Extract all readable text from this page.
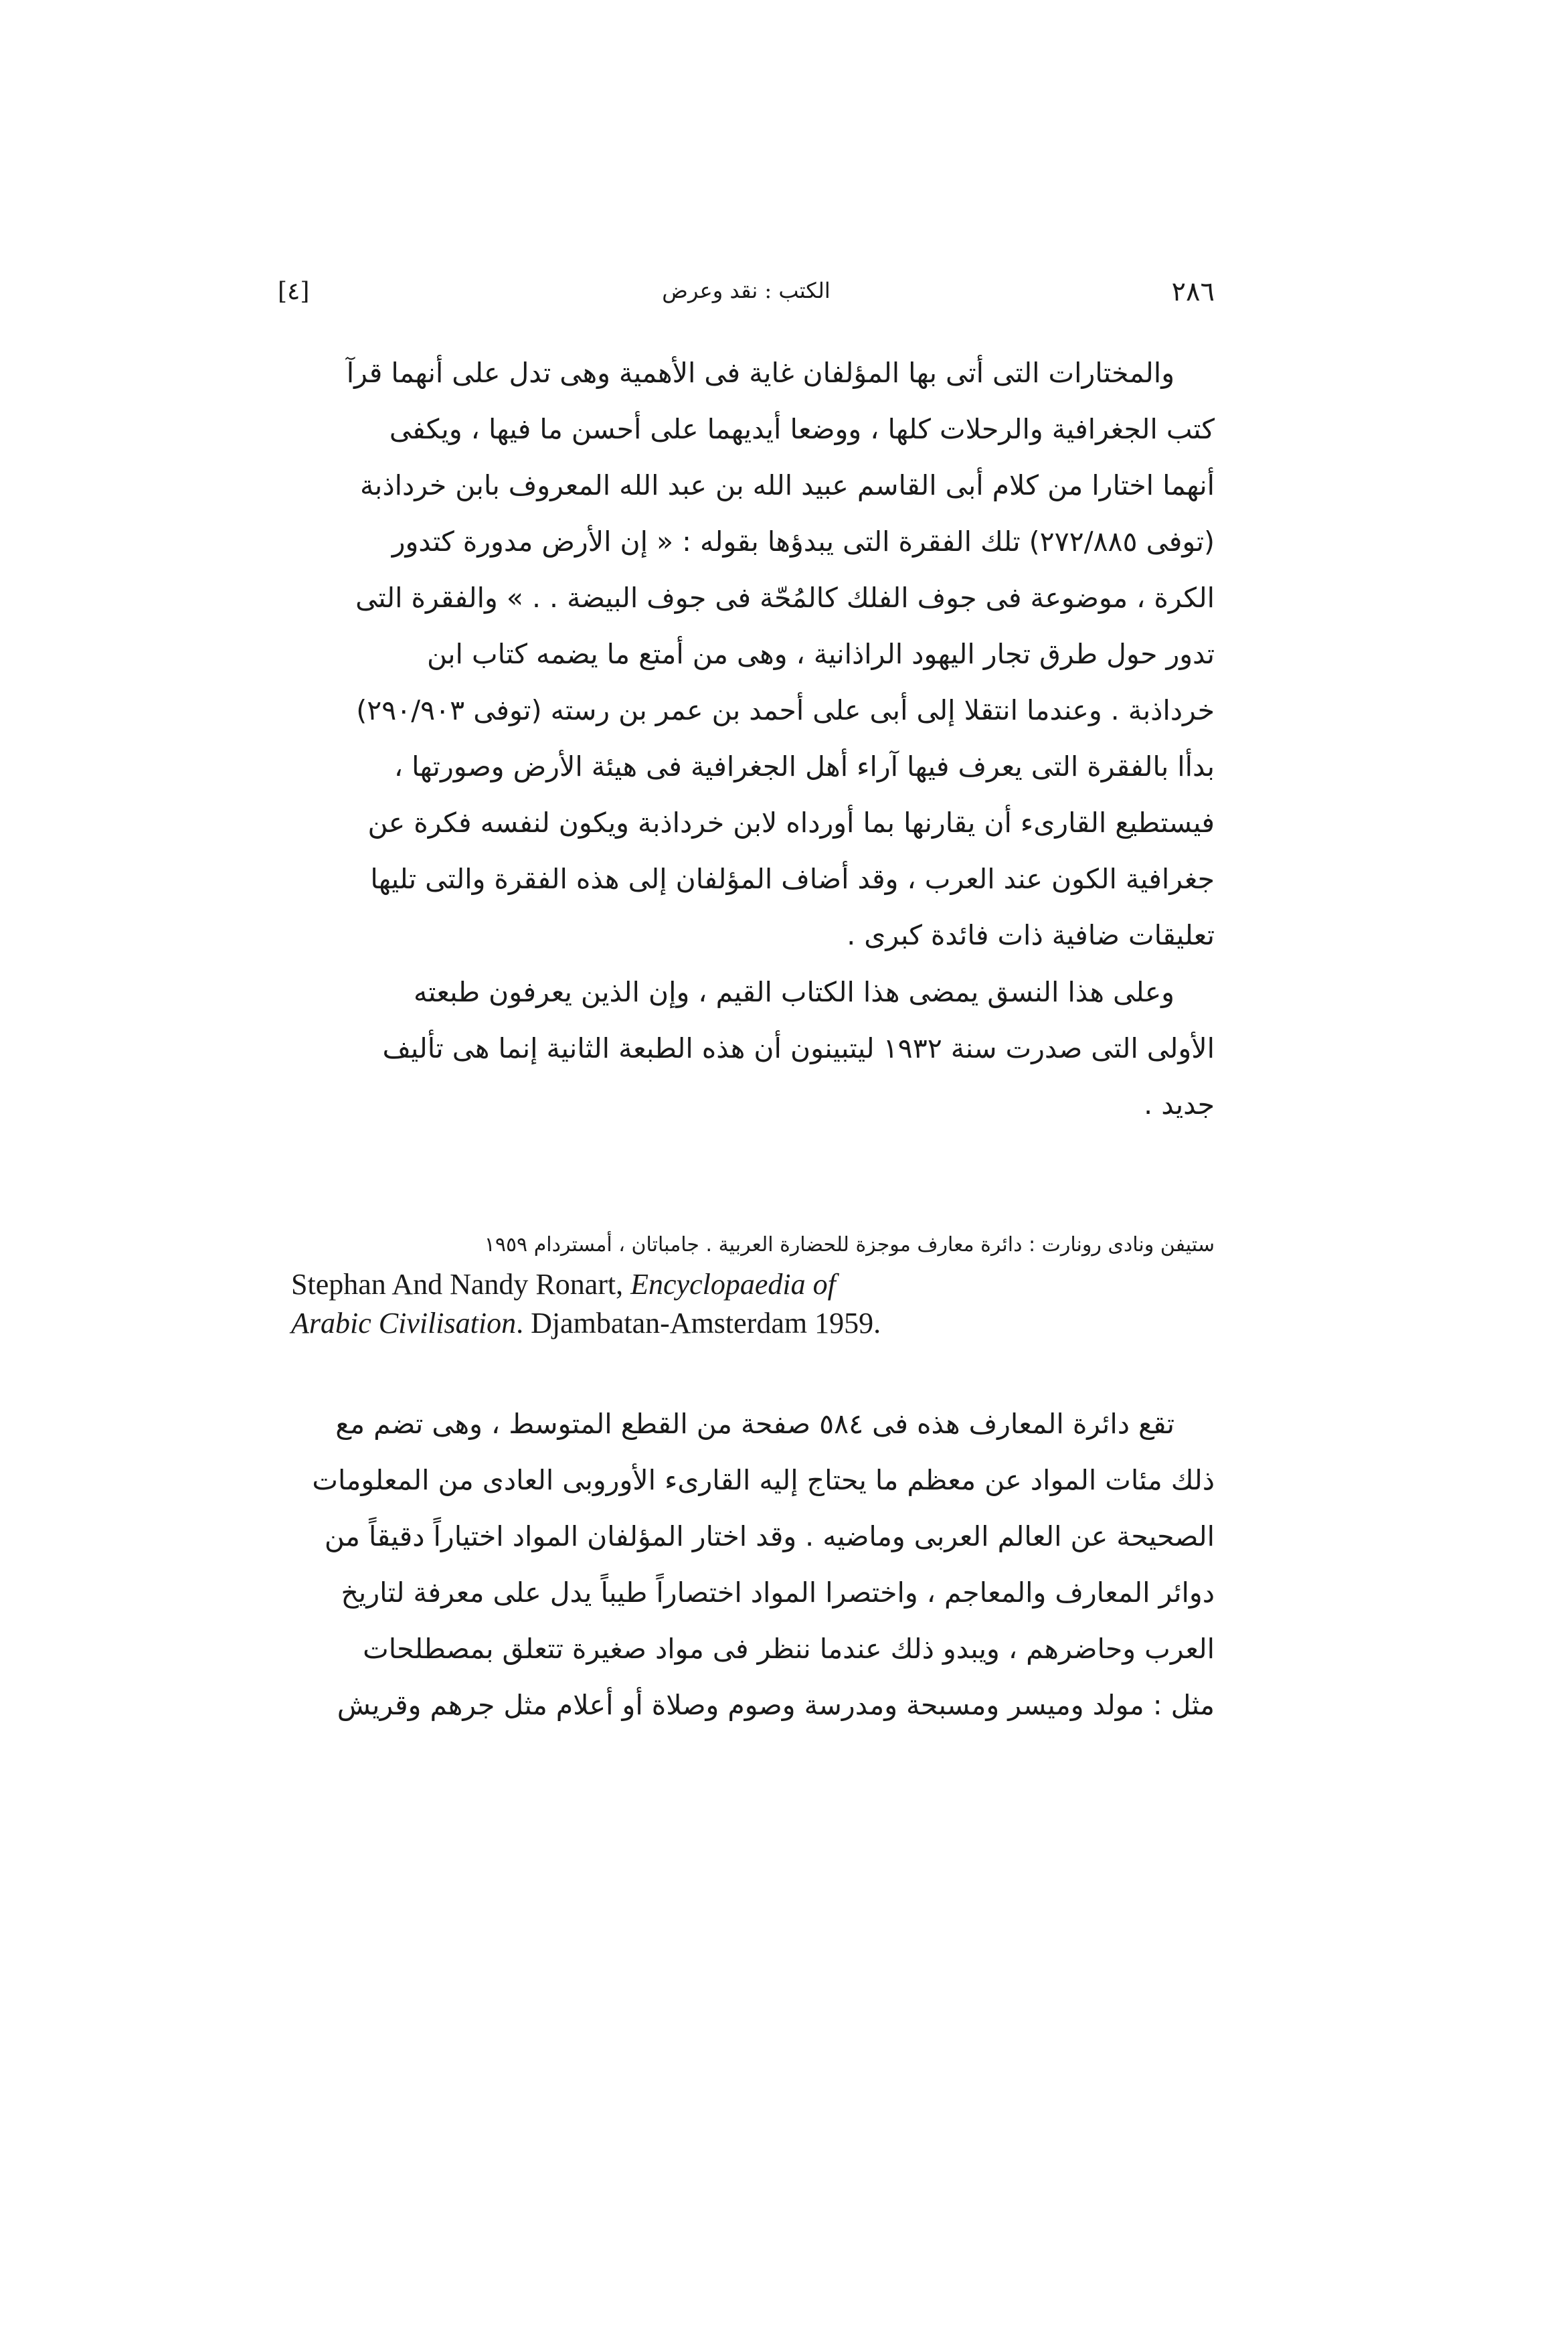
[٤]	الكتب : نقد وعرض	٢٨٦

والمختارات التى أتى بها المؤلفان غاية فى الأهمية وهى تدل على أنهما قرآ
كتب الجغرافية والرحلات كلها ، ووضعا أيديهما على أحسن ما فيها ، ويكفى
أنهما اختارا من كلام أبى القاسم عبيد الله بن عبد الله المعروف بابن خرداذبة
(توفى ٢٧٢/٨٨٥) تلك الفقرة التى يبدؤها بقوله : « إن الأرض مدورة كتدور
الكرة ، موضوعة فى جوف الفلك كالمُحّة فى جوف البيضة . . » والفقرة التى
تدور حول طرق تجار اليهود الراذانية ، وهى من أمتع ما يضمه كتاب ابن
خرداذبة . وعندما انتقلا إلى أبى على أحمد بن عمر بن رسته (توفى ٢٩٠/٩٠٣)
بدأا بالفقرة التى يعرف فيها آراء أهل الجغرافية فى هيئة الأرض وصورتها ،
فيستطيع القارىء أن يقارنها بما أورداه لابن خرداذبة ويكون لنفسه فكرة عن
جغرافية الكون عند العرب ، وقد أضاف المؤلفان إلى هذه الفقرة والتى تليها
تعليقات ضافية ذات فائدة كبرى .

وعلى هذا النسق يمضى هذا الكتاب القيم ، وإن الذين يعرفون طبعته
الأولى التى صدرت سنة ١٩٣٢ ليتبينون أن هذه الطبعة الثانية إنما هى تأليف
جديد .

ستيفن ونادى رونارت : دائرة معارف موجزة للحضارة العربية . جامباتان ، أمستردام ١٩٥٩
Stephan And Nandy Ronart, Encyclopaedia of
Arabic Civilisation. Djambatan-Amsterdam 1959.

تقع دائرة المعارف هذه فى ٥٨٤ صفحة من القطع المتوسط ، وهى تضم مع
ذلك مئات المواد عن معظم ما يحتاج إليه القارىء الأوروبى العادى من المعلومات
الصحيحة عن العالم العربى وماضيه . وقد اختار المؤلفان المواد اختياراً دقيقاً من
دوائر المعارف والمعاجم ، واختصرا المواد اختصاراً طيباً يدل على معرفة لتاريخ
العرب وحاضرهم ، ويبدو ذلك عندما ننظر فى مواد صغيرة تتعلق بمصطلحات
مثل : مولد وميسر ومسبحة ومدرسة وصوم وصلاة أو أعلام مثل جرهم وقريش
